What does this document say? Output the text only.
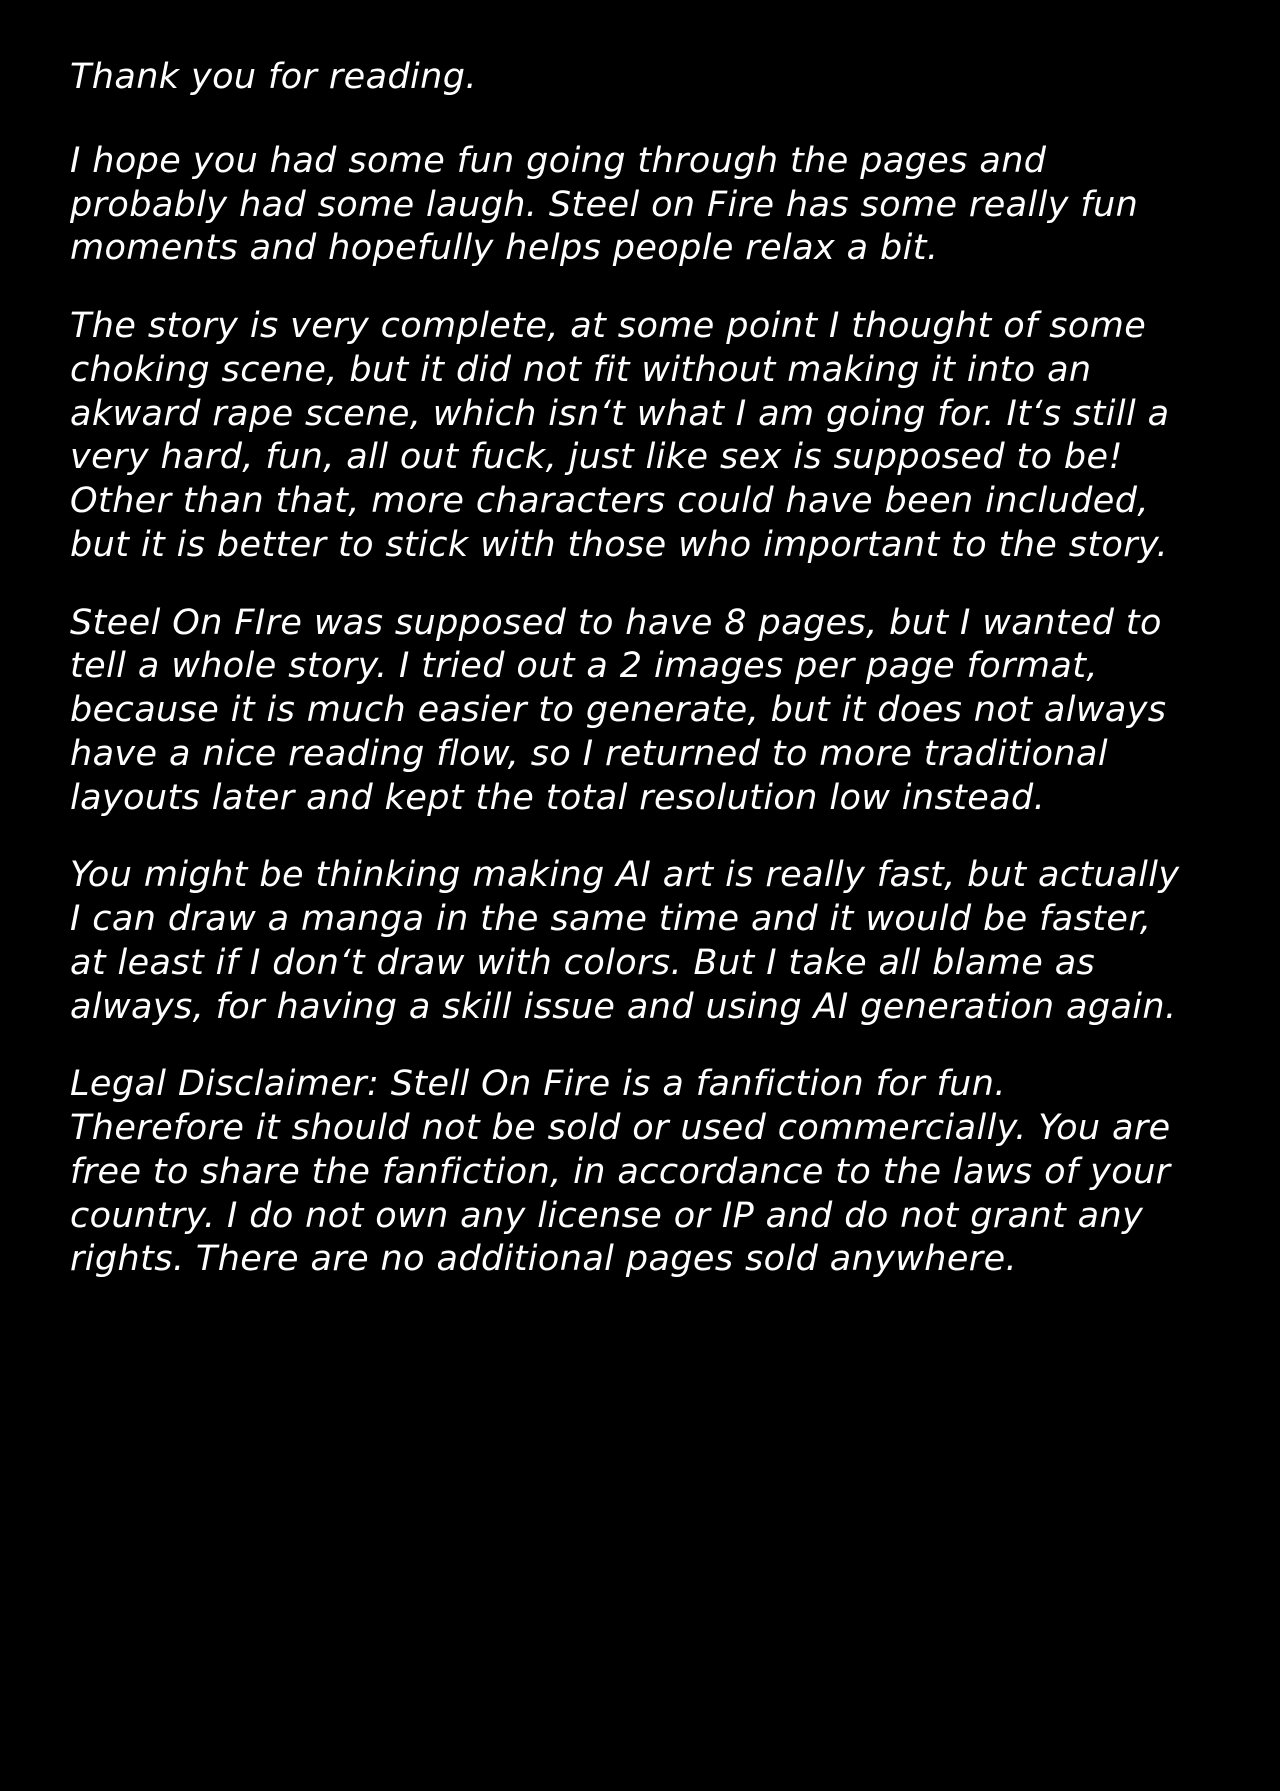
Thank you for reading.

I hope you had some fun going through the pages and probably had some laugh. Steel on Fire has some really fun moments and hopefully helps people relax a bit.

The story is very complete, at some point I thought of some choking scene, but it did not fit without making it into an akward rape scene, which isn‘t what I am going for. It‘s still a very hard, fun, all out fuck, just like sex is supposed to be! Other than that, more characters could have been included, but it is better to stick with those who important to the story.

Steel On FIre was supposed to have 8 pages, but I wanted to tell a whole story. I tried out a 2 images per page format, because it is much easier to generate, but it does not always have a nice reading flow, so I returned to more traditional layouts later and kept the total resolution low instead.

You might be thinking making AI art is really fast, but actually I can draw a manga in the same time and it would be faster, at least if I don‘t draw with colors. But I take all blame as always, for having a skill issue and using AI generation again.

Legal Disclaimer: Stell On Fire is a fanfiction for fun. Therefore it should not be sold or used commercially. You are free to share the fanfiction, in accordance to the laws of your country. I do not own any license or IP and do not grant any rights. There are no additional pages sold anywhere.
